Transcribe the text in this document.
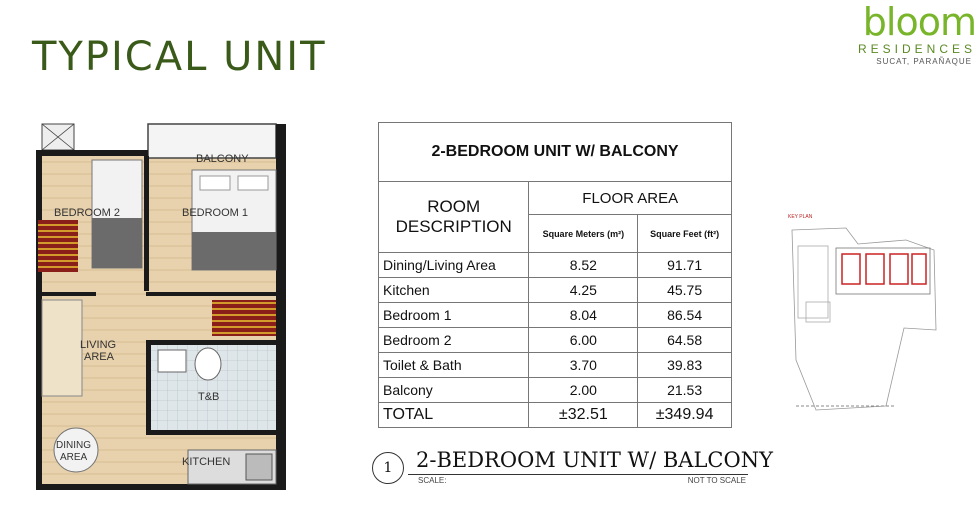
TYPICAL UNIT
bloom
RESIDENCES
SUCAT, PARAÑAQUE
BALCONY
BEDROOM 2	BEDROOM 1
LIVING
AREA
T&B
DINING
AREA	KITCHEN
2-BEDROOM UNIT W/ BALCONY		
ROOM
DESCRIPTION	FLOOR AREA	
	Square Meters (m²)	Square Feet (ft²)
Dining/Living Area	8.52	91.71
Kitchen	4.25	45.75
Bedroom 1	8.04	86.54
Bedroom 2	6.00	64.58
Toilet & Bath	3.70	39.83
Balcony	2.00	21.53
TOTAL	±32.51	±349.94
1	2-BEDROOM UNIT W/ BALCONY
SCALE:	NOT TO SCALE
KEY PLAN
